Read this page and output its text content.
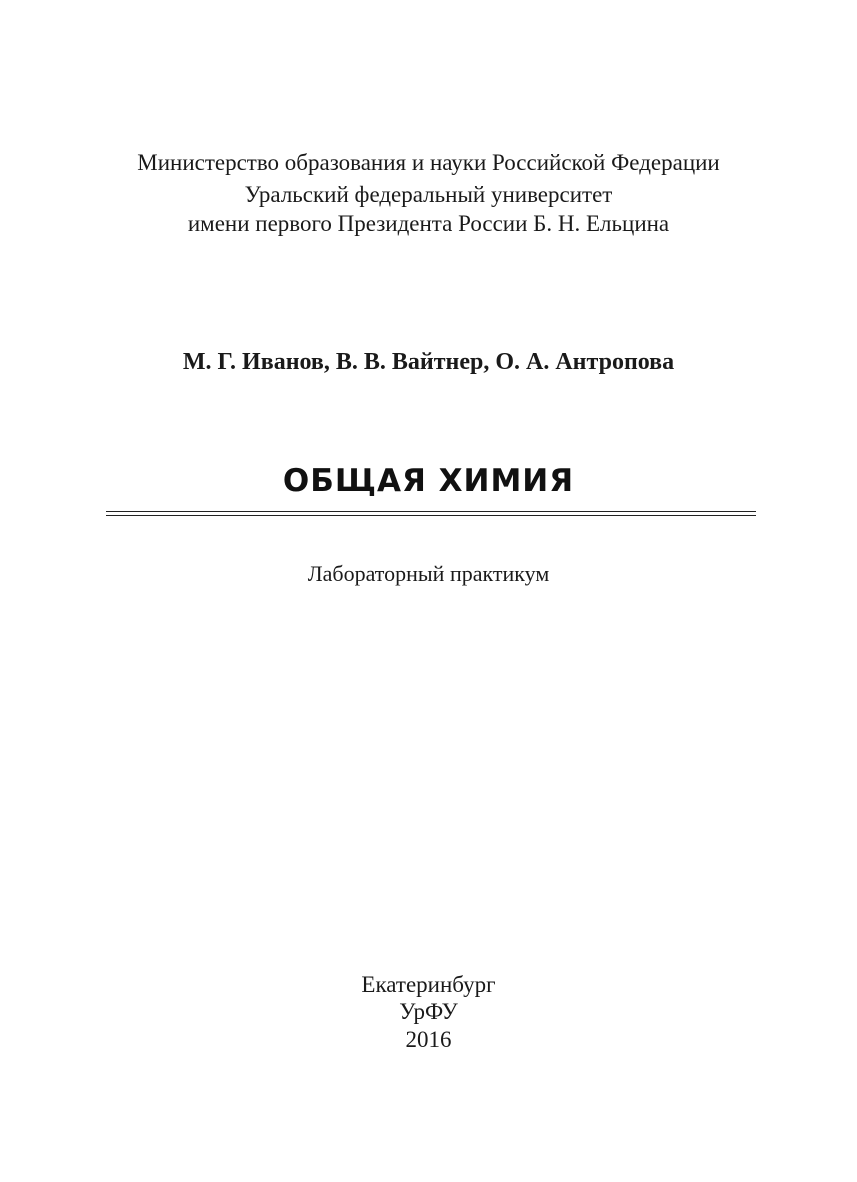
Министерство образования и науки Российской Федерации
Уральский федеральный университет
имени первого Президента России Б. Н. Ельцина
М. Г. Иванов, В. В. Вайтнер, О. А. Антропова
ОБЩАЯ ХИМИЯ
Лабораторный практикум
Екатеринбург
УрФУ
2016
